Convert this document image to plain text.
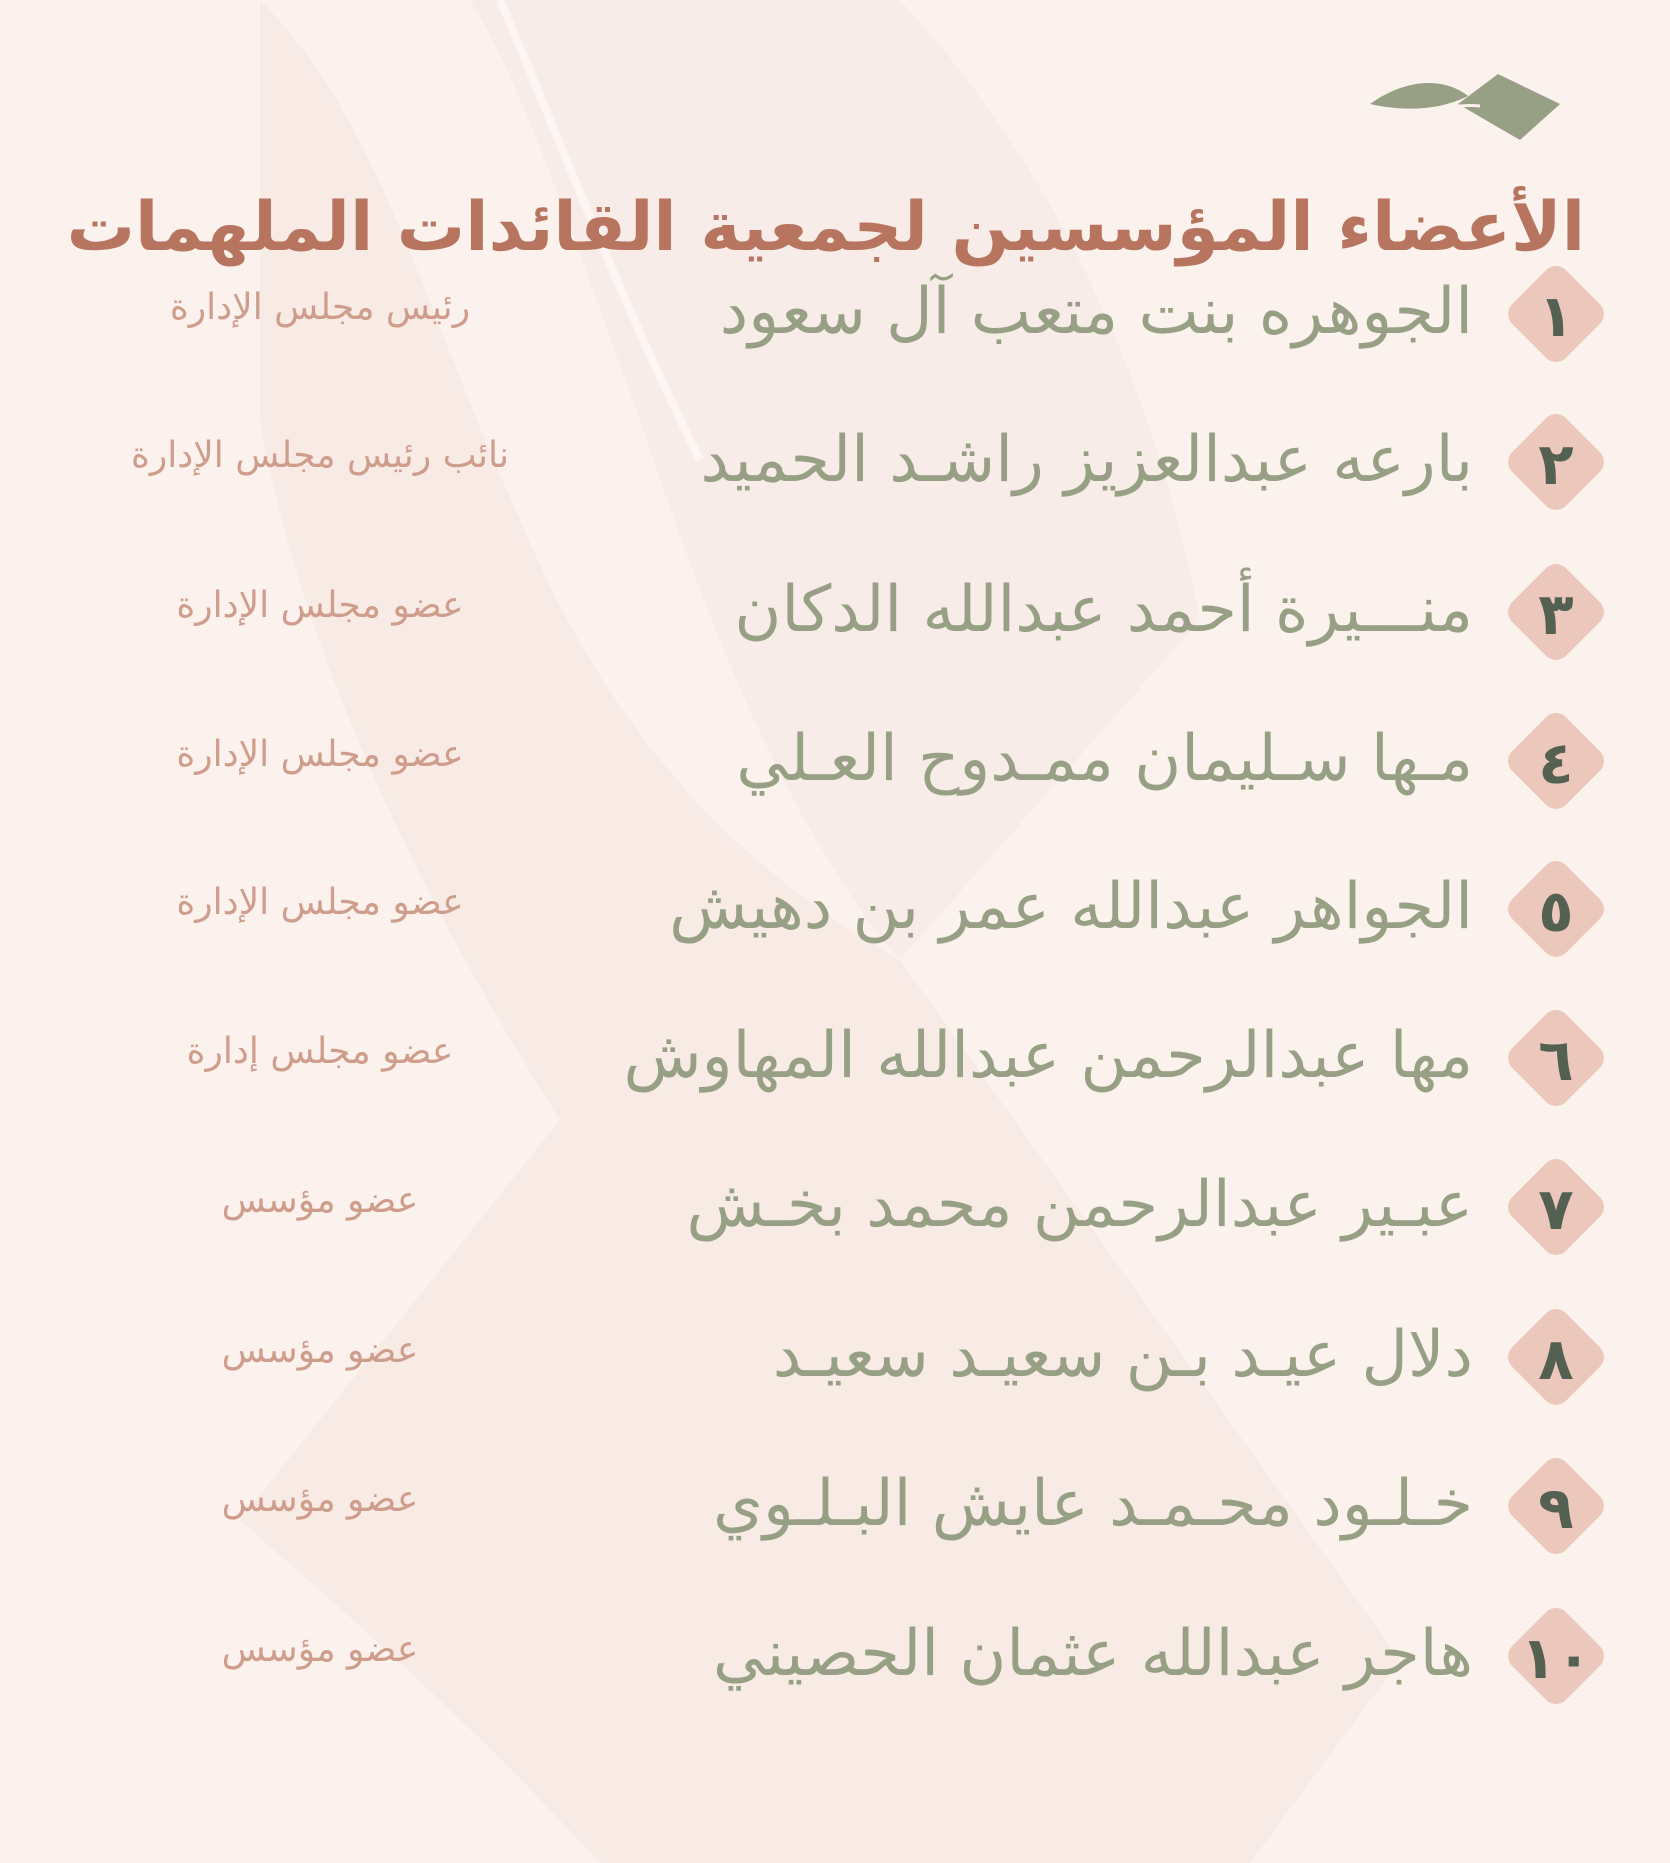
الأعضاء المؤسسين لجمعية القائدات الملهمات
١
الجوهره بنت متعب آل سعود
رئيس مجلس الإدارة
٢
بارعه عبدالعزيز راشـد الحميد
نائب رئيس مجلس الإدارة
٣
منـــيرة أحمد عبدالله الدكان
عضو مجلس الإدارة
٤
مـها سـليمان ممـدوح العـلي
عضو مجلس الإدارة
٥
الجواهر عبدالله عمر بن دهيش
عضو مجلس الإدارة
٦
مها عبدالرحمن عبدالله المهاوش
عضو مجلس إدارة
٧
عبـير عبدالرحمن محمد بخـش
عضو مؤسس
٨
دلال عيـد بـن سعيـد سعيـد
عضو مؤسس
٩
خـلـود محـمـد عايش البـلـوي
عضو مؤسس
١٠
هاجر عبدالله عثمان الحصيني
عضو مؤسس
